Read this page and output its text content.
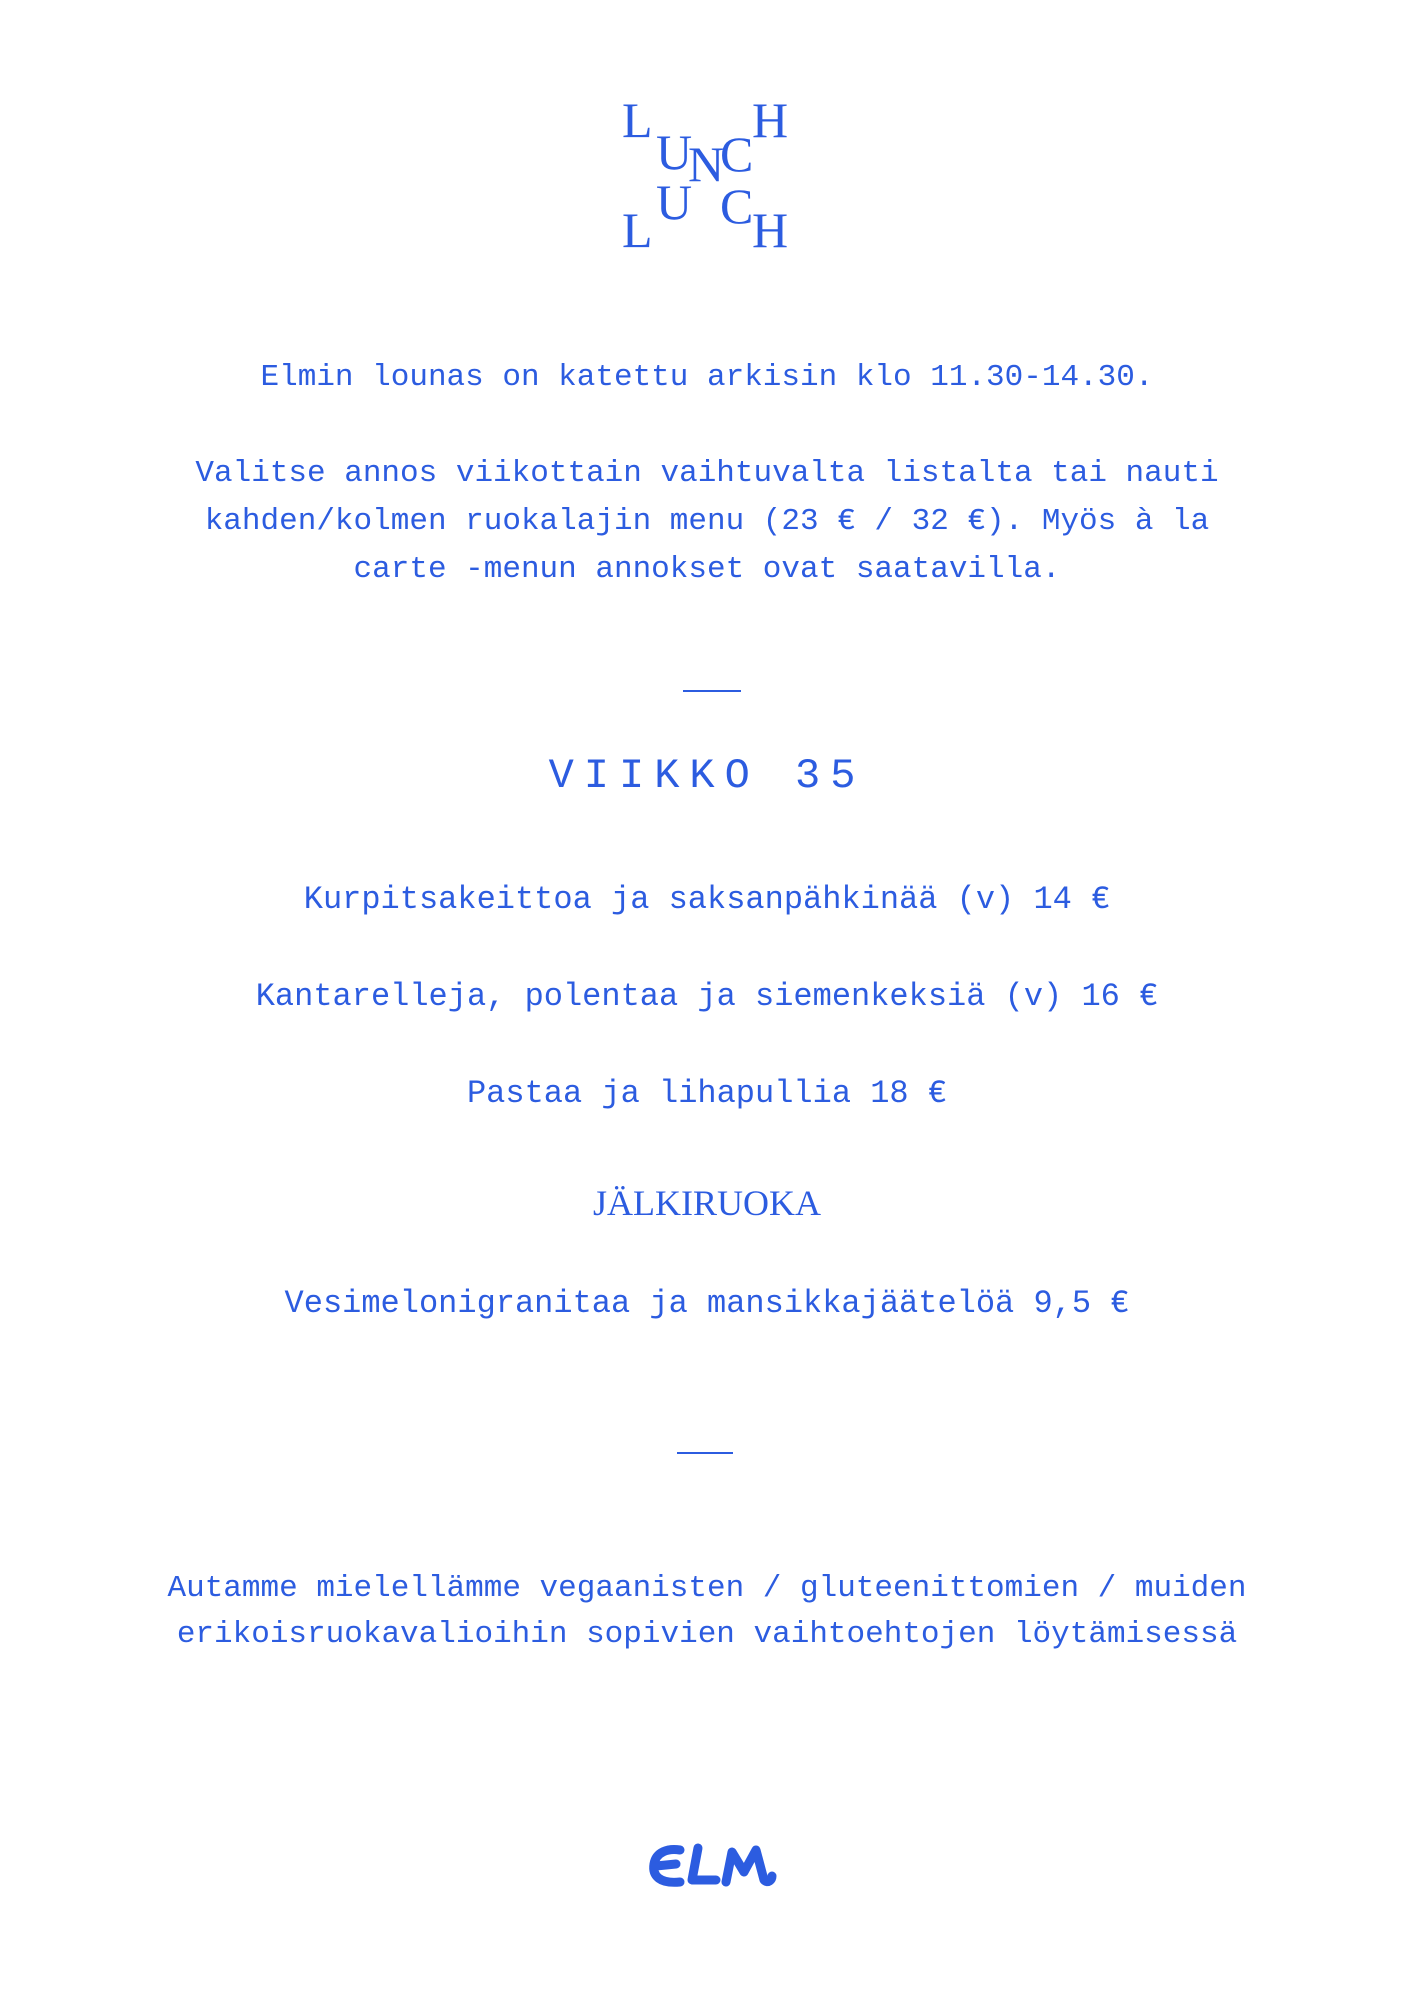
L
U
N
C
H
L U C
H
Elmin lounas on katettu arkisin klo 11.30-14.30.
Valitse annos viikottain vaihtuvalta listalta tai nauti
kahden/kolmen ruokalajin menu (23 € / 32 €). Myös à la
carte -menun annokset ovat saatavilla.
VIIKKO 35
Kurpitsakeittoa ja saksanpähkinää (v) 14 €
Kantarelleja, polentaa ja siemenkeksiä (v) 16 €
Pastaa ja lihapullia 18 €
JÄLKIRUOKA
Vesimelonigranitaa ja mansikkajäätelöä 9,5 €
Autamme mielellämme vegaanisten / gluteenittomien / muiden
erikoisruokavalioihin sopivien vaihtoehtojen löytämisessä
